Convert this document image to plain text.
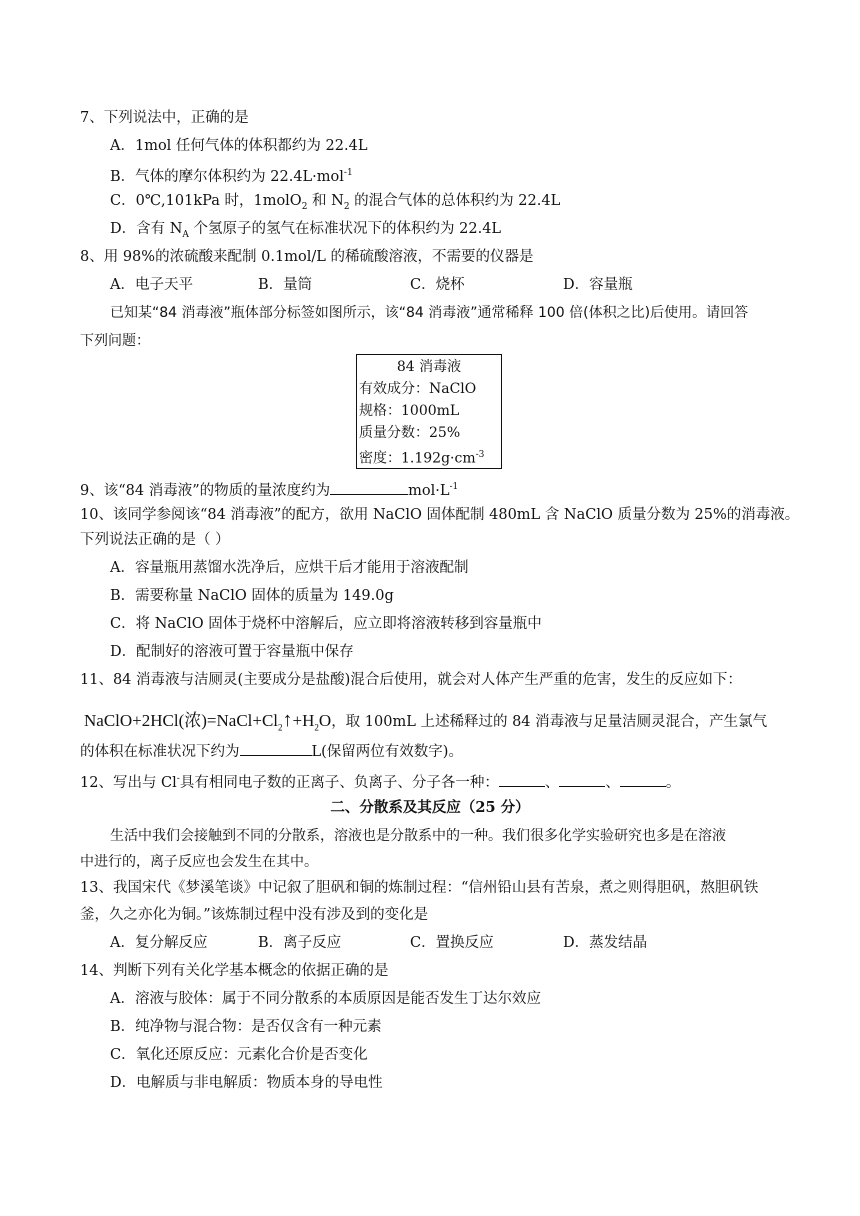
7、下列说法中，正确的是
A．1mol 任何气体的体积都约为 22.4L
B．气体的摩尔体积约为 22.4L·mol$^{-1}$
C．0℃,101kPa 时，1molO$_2$ 和 $N_2$ 的混合气体的总体积约为 22.4L
D．含有 $N_A$ 个氢原子的氢气在标准状况下的体积约为 22.4L
8、用 98%的浓硫酸来配制 0.1mol/L 的稀硫酸溶液，不需要的仪器是
A．电子天平	B．量筒	C．烧杯	D．容量瓶
已知某“84 消毒液”瓶体部分标签如图所示，该“84 消毒液”通常稀释 100 倍(体积之比)后使用。请回答
下列问题：
84 消毒液
有效成分：NaClO
规格：1000mL
质量分数：25%
密度：$1.192g\cdot cm^{-3}$
9、该“84 消毒液”的物质的量浓度约为	$mol\cdot L^{-1}$
10、该同学参阅该“84 消毒液”的配方，欲用 NaClO 固体配制 480mL 含 NaClO 质量分数为 25%的消毒液。
下列说法正确的是（ ）
A．容量瓶用蒸馏水洗净后，应烘干后才能用于溶液配制
B．需要称量 NaClO 固体的质量为 149.0g
C．将 NaClO 固体于烧杯中溶解后，应立即将溶液转移到容量瓶中
D．配制好的溶液可置于容量瓶中保存
11、84 消毒液与洁厕灵(主要成分是盐酸)混合后使用，就会对人体产生严重的危害，发生的反应如下：
NaClO+2HCl(浓)$=NaCl+Cl_2↑+H_2O$，取 100mL 上述稀释过的 84 消毒液与足量洁厕灵混合，产生氯气
的体积在标准状况下约为	L(保留两位有效数字)。
12、写出与 Cl-具有相同电子数的正离子、负离子、分子各一种：	、	、	。
二、分散系及其反应（25 分）
生活中我们会接触到不同的分散系，溶液也是分散系中的一种。我们很多化学实验研究也多是在溶液
中进行的，离子反应也会发生在其中。
13、我国宋代《梦溪笔谈》中记叙了胆矾和铜的炼制过程：“信州铅山县有苦泉，煮之则得胆矾，熬胆矾铁
釜，久之亦化为铜。”该炼制过程中没有涉及到的变化是
A．复分解反应	B．离子反应	C．置换反应	D．蒸发结晶
14、判断下列有关化学基本概念的依据正确的是
A．溶液与胶体：属于不同分散系的本质原因是能否发生丁达尔效应
B．纯净物与混合物：是否仅含有一种元素
C．氧化还原反应：元素化合价是否变化
D．电解质与非电解质：物质本身的导电性
